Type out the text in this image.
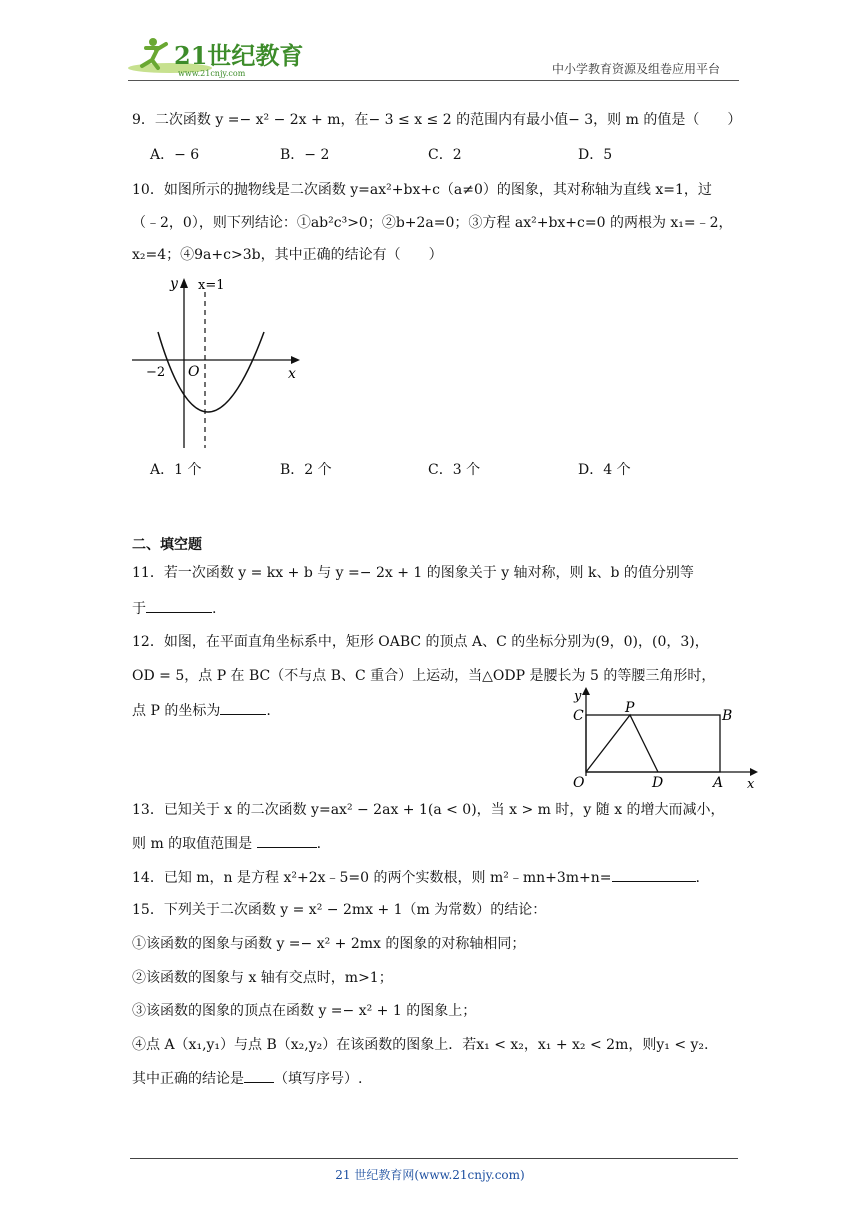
21世纪教育
www.21cnjy.com	中小学教育资源及组卷应用平台
9．二次函数 y =− x² − 2x + m，在− 3 ≤ x ≤ 2 的范围内有最小值− 3，则 m 的值是（　　）
A．− 6	B．− 2	C．2	D．5
10．如图所示的抛物线是二次函数 y=ax²+bx+c（a≠0）的图象，其对称轴为直线 x=1，过
（﹣2，0），则下列结论：①ab²c³>0；②b+2a=0；③方程 ax²+bx+c=0 的两根为 x₁=﹣2，
x₂=4；④9a+c>3b，其中正确的结论有（　　）
y x=1
−2 O	x
A．1 个	B．2 个	C．3 个	D．4 个
二、填空题
11．若一次函数 y = kx + b 与 y =− 2x + 1 的图象关于 y 轴对称，则 k、b 的值分别等
于	.
12．如图，在平面直角坐标系中，矩形 OABC 的顶点 A、C 的坐标分别为(9，0)，(0，3)，
OD = 5，点 P 在 BC（不与点 B、C 重合）上运动，当△ODP 是腰长为 5 的等腰三角形时，
点 P 的坐标为	.
y
C	P	B
O	D	A x
13．已知关于 x 的二次函数 y=ax² − 2ax + 1(a < 0)，当 x > m 时，y 随 x 的增大而减小，
则 m 的取值范围是	.
14．已知 m，n 是方程 x²+2x﹣5=0 的两个实数根，则 m²﹣mn+3m+n=	.
15．下列关于二次函数 y = x² − 2mx + 1（m 为常数）的结论：
①该函数的图象与函数 y =− x² + 2mx 的图象的对称轴相同；
②该函数的图象与 x 轴有交点时，m>1；
③该函数的图象的顶点在函数 y =− x² + 1 的图象上；
④点 A（x₁,y₁）与点 B（x₂,y₂）在该函数的图象上．若x₁ < x₂，x₁ + x₂ < 2m，则y₁ < y₂.
其中正确的结论是 （填写序号）.
21 世纪教育网(www.21cnjy.com)
